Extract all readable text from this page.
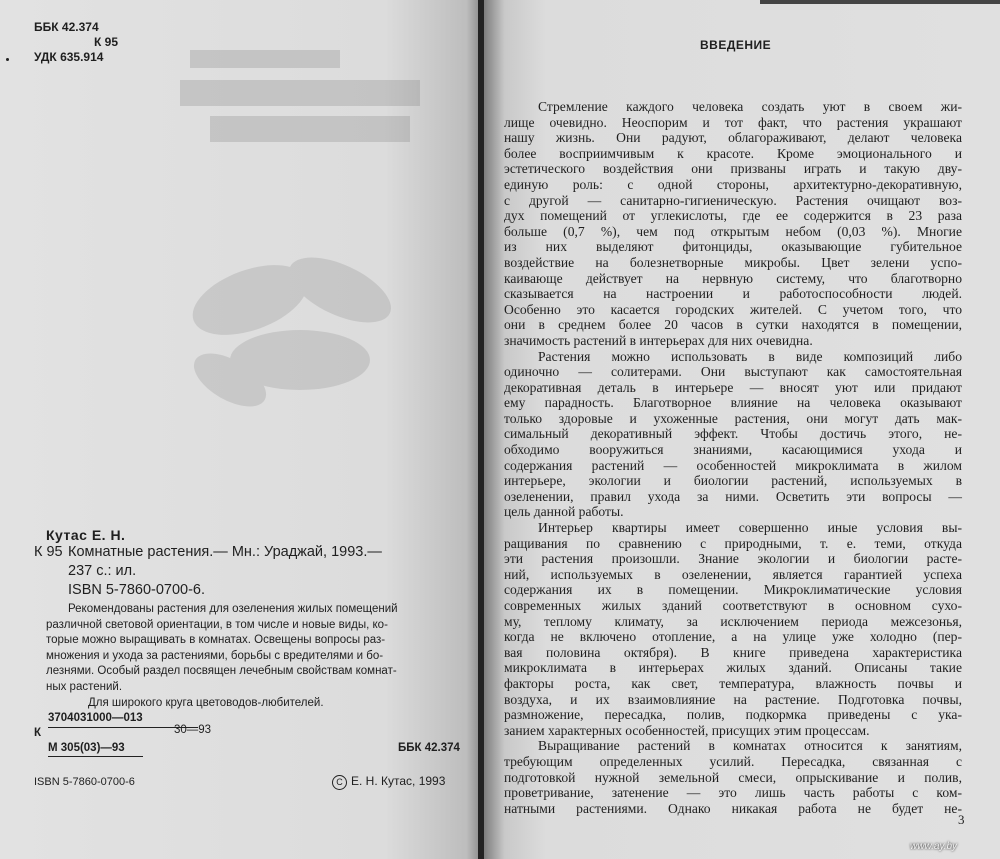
ББК 42.374
К 95
УДК 635.914
Кутас Е. Н.
К 95 Комнатные растения.— Мн.: Ураджай, 1993.—
237 с.: ил.
ISBN 5-7860-0700-6.
Рекомендованы растения для озеленения жилых помещений
различной световой ориентации, в том числе и новые виды, ко-
торые можно выращивать в комнатах. Освещены вопросы раз-
множения и ухода за растениями, борьбы с вредителями и бо-
лезнями. Особый раздел посвящен лечебным свойствам комнат-
ных растений.
Для широкого круга цветоводов-любителей.
К
3704031000—013
30—93
М 305(03)—93	ББК 42.374
ISBN 5-7860-0700-6	С Е. Н. Кутас, 1993
ВВЕДЕНИЕ
Стремление каждого человека создать уют в своем жи-
лище очевидно. Неоспорим и тот факт, что растения украшают
нашу жизнь. Они радуют, облагораживают, делают человека
более восприимчивым к красоте. Кроме эмоционального и
эстетического воздействия они призваны играть и такую дву-
единую роль: с одной стороны, архитектурно-декоративную,
с другой — санитарно-гигиеническую. Растения очищают воз-
дух помещений от углекислоты, где ее содержится в 23 раза
больше (0,7 %), чем под открытым небом (0,03 %). Многие
из них выделяют фитонциды, оказывающие губительное
воздействие на болезнетворные микробы. Цвет зелени успо-
каивающе действует на нервную систему, что благотворно
сказывается на настроении и работоспособности людей.
Особенно это касается городских жителей. С учетом того, что
они в среднем более 20 часов в сутки находятся в помещении,
значимость растений в интерьерах для них очевидна.
Растения можно использовать в виде композиций либо
одиночно — солитерами. Они выступают как самостоятельная
декоративная деталь в интерьере — вносят уют или придают
ему парадность. Благотворное влияние на человека оказывают
только здоровые и ухоженные растения, они могут дать мак-
симальный декоративный эффект. Чтобы достичь этого, не-
обходимо вооружиться знаниями, касающимися ухода и
содержания растений — особенностей микроклимата в жилом
интерьере, экологии и биологии растений, используемых в
озеленении, правил ухода за ними. Осветить эти вопросы —
цель данной работы.
Интерьер квартиры имеет совершенно иные условия вы-
ращивания по сравнению с природными, т. е. теми, откуда
эти растения произошли. Знание экологии и биологии расте-
ний, используемых в озеленении, является гарантией успеха
содержания их в помещении. Микроклиматические условия
современных жилых зданий соответствуют в основном сухо-
му, теплому климату, за исключением периода межсезонья,
когда не включено отопление, а на улице уже холодно (пер-
вая половина октября). В книге приведена характеристика
микроклимата в интерьерах жилых зданий. Описаны такие
факторы роста, как свет, температура, влажность почвы и
воздуха, и их взаимовлияние на растение. Подготовка почвы,
размножение, пересадка, полив, подкормка приведены с ука-
занием характерных особенностей, присущих этим процессам.
Выращивание растений в комнатах относится к занятиям,
требующим определенных усилий. Пересадка, связанная с
подготовкой нужной земельной смеси, опрыскивание и полив,
проветривание, затенение — это лишь часть работы с ком-
натными растениями. Однако никакая работа не будет не-
3
www.ay.by
